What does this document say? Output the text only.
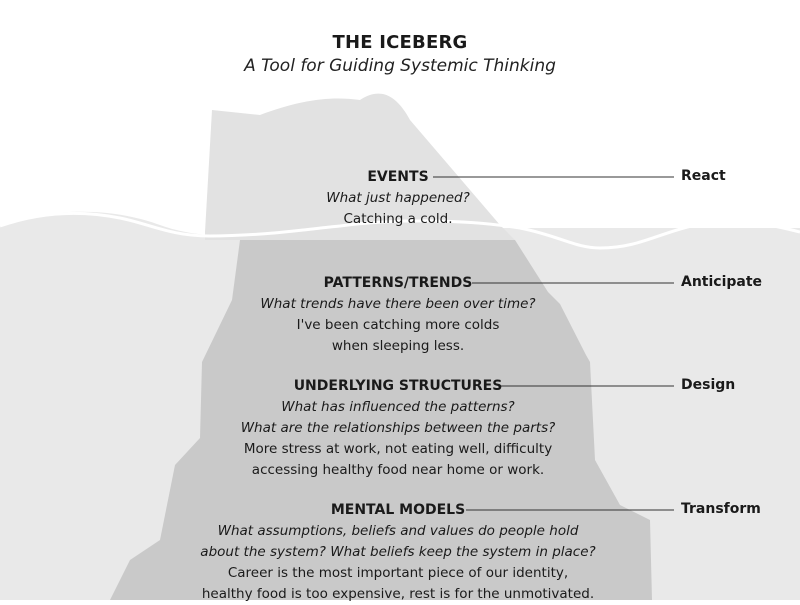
THE ICEBERG
A Tool for Guiding Systemic Thinking
EVENTS
What just happened?
Catching a cold.
React
PATTERNS/TRENDS
What trends have there been over time?
I've been catching more colds
when sleeping less.
Anticipate
UNDERLYING STRUCTURES
What has influenced the patterns?
What are the relationships between the parts?
More stress at work, not eating well, difficulty
accessing healthy food near home or work.
Design
MENTAL MODELS
What assumptions, beliefs and values do people hold
about the system? What beliefs keep the system in place?
Career is the most important piece of our identity,
healthy food is too expensive, rest is for the unmotivated.
Transform
